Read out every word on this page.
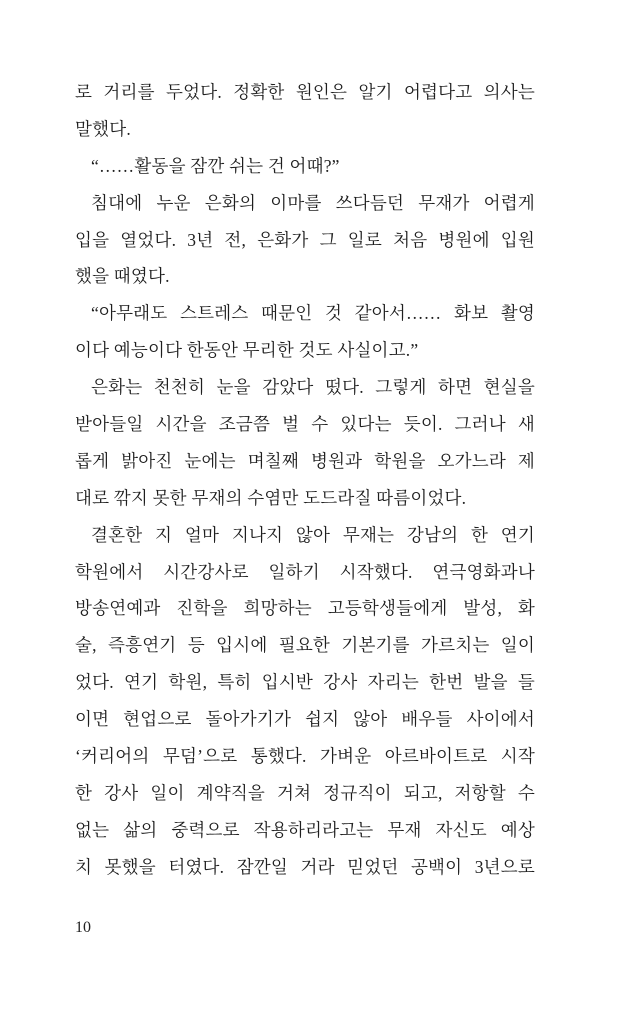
로 거리를 두었다. 정확한 원인은 알기 어렵다고 의사는
말했다.
“……활동을 잠깐 쉬는 건 어때?”
침대에 누운 은화의 이마를 쓰다듬던 무재가 어렵게
입을 열었다. 3년 전, 은화가 그 일로 처음 병원에 입원
했을 때였다.
“아무래도 스트레스 때문인 것 같아서…… 화보 촬영
이다 예능이다 한동안 무리한 것도 사실이고.”
은화는 천천히 눈을 감았다 떴다. 그렇게 하면 현실을
받아들일 시간을 조금쯤 벌 수 있다는 듯이. 그러나 새
롭게 밝아진 눈에는 며칠째 병원과 학원을 오가느라 제
대로 깎지 못한 무재의 수염만 도드라질 따름이었다.
결혼한 지 얼마 지나지 않아 무재는 강남의 한 연기
학원에서 시간강사로 일하기 시작했다. 연극영화과나
방송연예과 진학을 희망하는 고등학생들에게 발성, 화
술, 즉흥연기 등 입시에 필요한 기본기를 가르치는 일이
었다. 연기 학원, 특히 입시반 강사 자리는 한번 발을 들
이면 현업으로 돌아가기가 쉽지 않아 배우들 사이에서
‘커리어의 무덤’으로 통했다. 가벼운 아르바이트로 시작
한 강사 일이 계약직을 거쳐 정규직이 되고, 저항할 수
없는 삶의 중력으로 작용하리라고는 무재 자신도 예상
치 못했을 터였다. 잠깐일 거라 믿었던 공백이 3년으로
10
